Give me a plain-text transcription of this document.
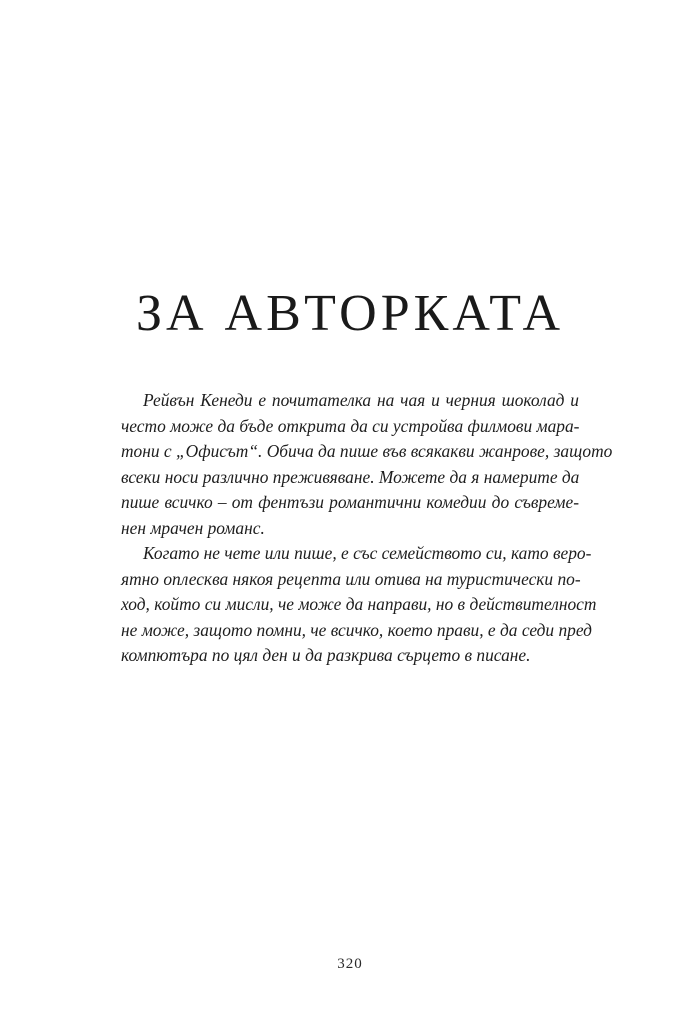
ЗА АВТОРКАТА

Рейвън Кенеди е почитателка на чая и черния шоколад и
често може да бъде открита да си устройва филмови мара-
тони с „Офисът“. Обича да пише във всякакви жанрове, защото
всеки носи различно преживяване. Можете да я намерите да
пише всичко – от фентъзи романтични комедии до съвреме-
нен мрачен романс.

Когато не чете или пише, е със семейството си, като веро-
ятно оплесква някоя рецепта или отива на туристически по-
ход, който си мисли, че може да направи, но в действителност
не може, защото помни, че всичко, което прави, е да седи пред
компютъра по цял ден и да разкрива сърцето в писане.

320
